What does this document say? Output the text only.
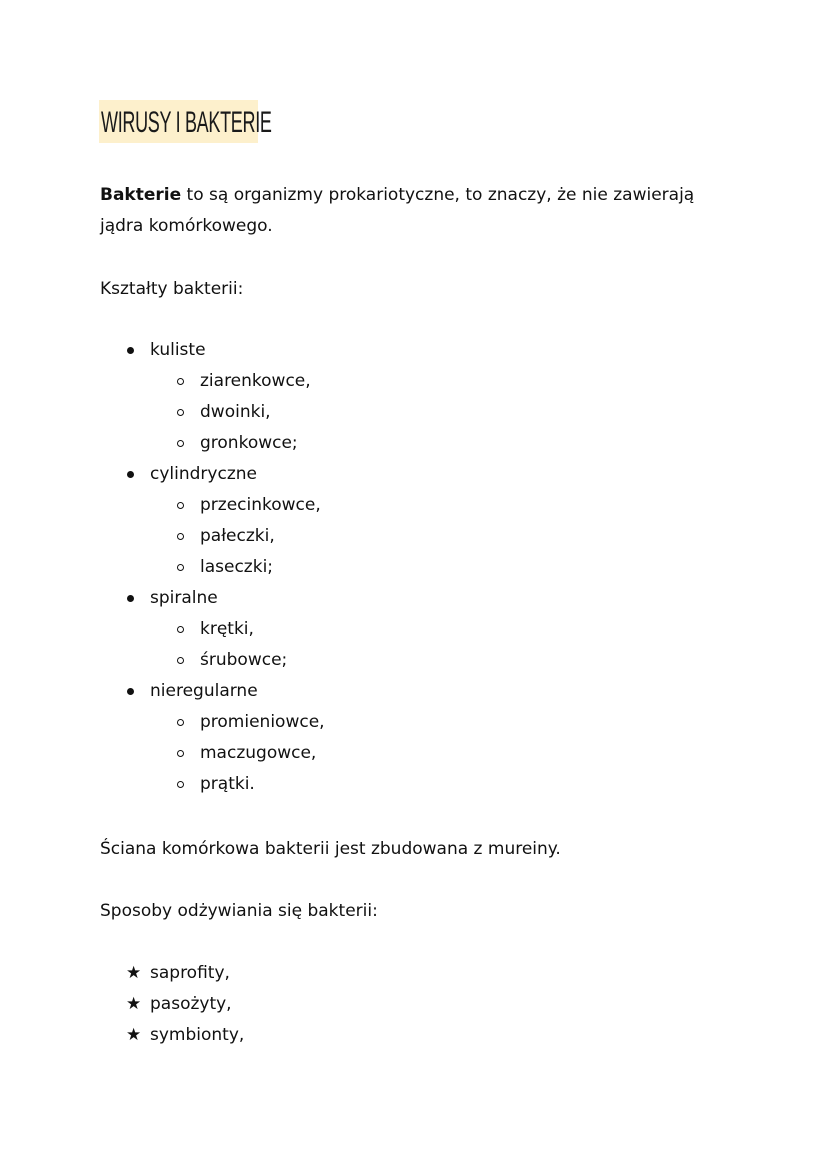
WIRUSY I BAKTERIE
Bakterie to są organizmy prokariotyczne, to znaczy, że nie zawierają
jądra komórkowego.
Kształty bakterii:
kuliste
ziarenkowce,
dwoinki,
gronkowce;
cylindryczne
przecinkowce,
pałeczki,
laseczki;
spiralne
krętki,
śrubowce;
nieregularne
promieniowce,
maczugowce,
prątki.
Ściana komórkowa bakterii jest zbudowana z mureiny.
Sposoby odżywiania się bakterii:
★ saprofity,
★ pasożyty,
★ symbionty,
